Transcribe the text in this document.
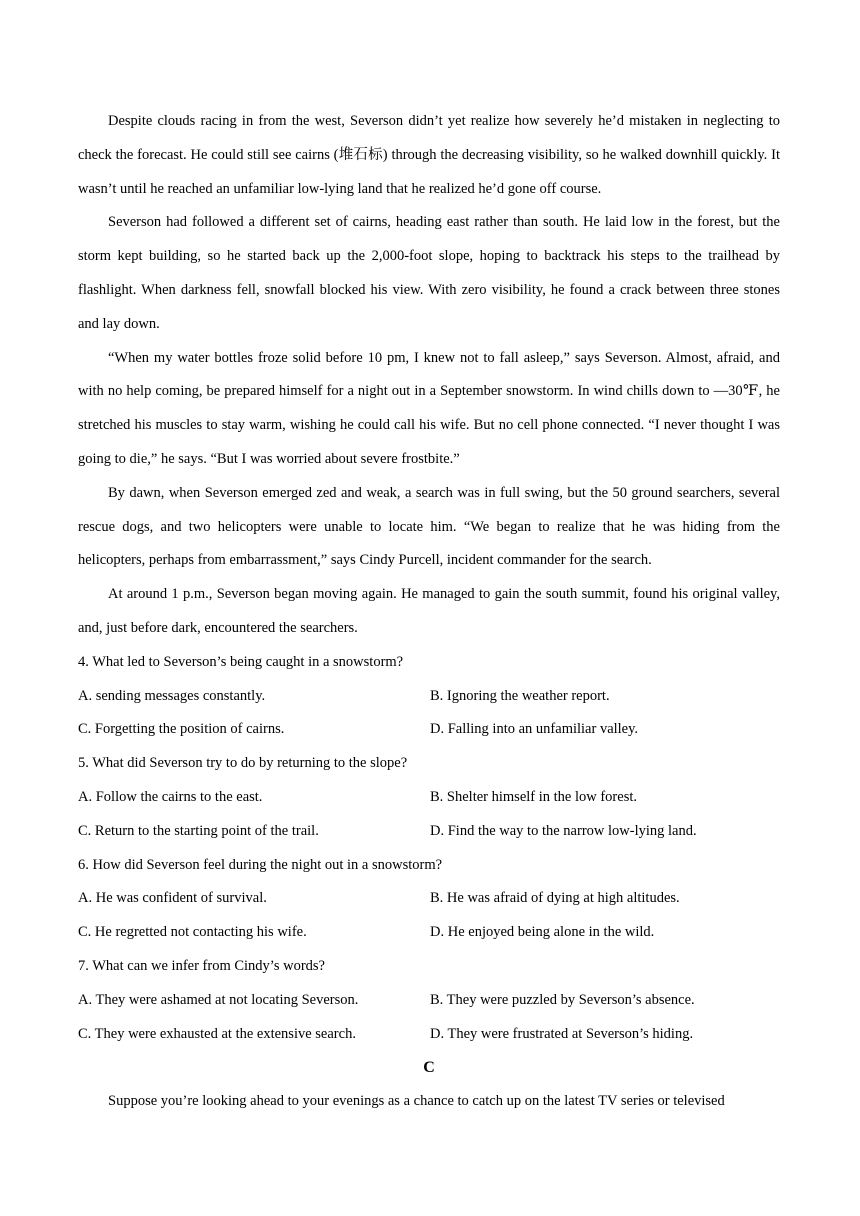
Despite clouds racing in from the west, Severson didn’t yet realize how severely he’d mistaken in neglecting to check the forecast. He could still see cairns (堆石标) through the decreasing visibility, so he walked downhill quickly. It wasn’t until he reached an unfamiliar low-lying land that he realized he’d gone off course.

Severson had followed a different set of cairns, heading east rather than south. He laid low in the forest, but the storm kept building, so he started back up the 2,000-foot slope, hoping to backtrack his steps to the trailhead by flashlight. When darkness fell, snowfall blocked his view. With zero visibility, he found a crack between three stones and lay down.

“When my water bottles froze solid before 10 pm, I knew not to fall asleep,” says Severson. Almost, afraid, and with no help coming, be prepared himself for a night out in a September snowstorm. In wind chills down to —30℉, he stretched his muscles to stay warm, wishing he could call his wife. But no cell phone connected. “I never thought I was going to die,” he says. “But I was worried about severe frostbite.”

By dawn, when Severson emerged zed and weak, a search was in full swing, but the 50 ground searchers, several rescue dogs, and two helicopters were unable to locate him. “We began to realize that he was hiding from the helicopters, perhaps from embarrassment,” says Cindy Purcell, incident commander for the search.

At around 1 p.m., Severson began moving again. He managed to gain the south summit, found his original valley, and, just before dark, encountered the searchers.

4. What led to Severson’s being caught in a snowstorm?

A. sending messages constantly.	B. Ignoring the weather report.
C. Forgetting the position of cairns.	D. Falling into an unfamiliar valley.

5. What did Severson try to do by returning to the slope?

A. Follow the cairns to the east.	B. Shelter himself in the low forest.
C. Return to the starting point of the trail.	D. Find the way to the narrow low-lying land.

6. How did Severson feel during the night out in a snowstorm?

A. He was confident of survival.	B. He was afraid of dying at high altitudes.
C. He regretted not contacting his wife.	D. He enjoyed being alone in the wild.

7. What can we infer from Cindy’s words?

A. They were ashamed at not locating Severson.	B. They were puzzled by Severson’s absence.
C. They were exhausted at the extensive search.	D. They were frustrated at Severson’s hiding.

C

Suppose you’re looking ahead to your evenings as a chance to catch up on the latest TV series or televised
